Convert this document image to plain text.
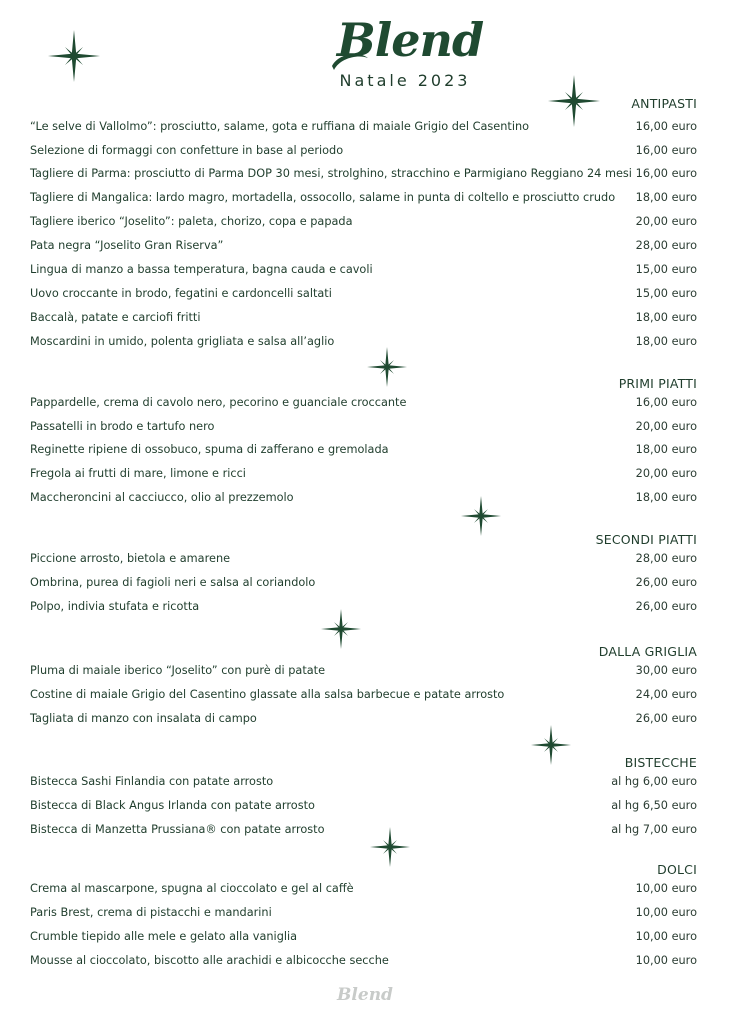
Blend
Natale 2023
ANTIPASTI
“Le selve di Vallolmo”: prosciutto, salame, gota e ruffiana di maiale Grigio del Casentino	16,00 euro
Selezione di formaggi con confetture in base al periodo	16,00 euro
Tagliere di Parma: prosciutto di Parma DOP 30 mesi, strolghino, stracchino e Parmigiano Reggiano 24 mesi 16,00 euro
Tagliere di Mangalica: lardo magro, mortadella, ossocollo, salame in punta di coltello e prosciutto crudo 18,00 euro
Tagliere iberico “Joselito”: paleta, chorizo, copa e papada	20,00 euro
Pata negra “Joselito Gran Riserva”	28,00 euro
Lingua di manzo a bassa temperatura, bagna cauda e cavoli	15,00 euro
Uovo croccante in brodo, fegatini e cardoncelli saltati	15,00 euro
Baccalà, patate e carciofi fritti	18,00 euro
Moscardini in umido, polenta grigliata e salsa all’aglio	18,00 euro
PRIMI PIATTI
Pappardelle, crema di cavolo nero, pecorino e guanciale croccante	16,00 euro
Passatelli in brodo e tartufo nero	20,00 euro
Reginette ripiene di ossobuco, spuma di zafferano e gremolada	18,00 euro
Fregola ai frutti di mare, limone e ricci	20,00 euro
Maccheroncini al cacciucco, olio al prezzemolo	18,00 euro
SECONDI PIATTI
Piccione arrosto, bietola e amarene	28,00 euro
Ombrina, purea di fagioli neri e salsa al coriandolo	26,00 euro
Polpo, indivia stufata e ricotta	26,00 euro
DALLA GRIGLIA
Pluma di maiale iberico “Joselito” con purè di patate	30,00 euro
Costine di maiale Grigio del Casentino glassate alla salsa barbecue e patate arrosto	24,00 euro
Tagliata di manzo con insalata di campo	26,00 euro
BISTECCHE
Bistecca Sashi Finlandia con patate arrosto	al hg 6,00 euro
Bistecca di Black Angus Irlanda con patate arrosto	al hg 6,50 euro
Bistecca di Manzetta Prussiana® con patate arrosto	al hg 7,00 euro
DOLCI
Crema al mascarpone, spugna al cioccolato e gel al caffè	10,00 euro
Paris Brest, crema di pistacchi e mandarini	10,00 euro
Crumble tiepido alle mele e gelato alla vaniglia	10,00 euro
Mousse al cioccolato, biscotto alle arachidi e albicocche secche	10,00 euro
Blend
